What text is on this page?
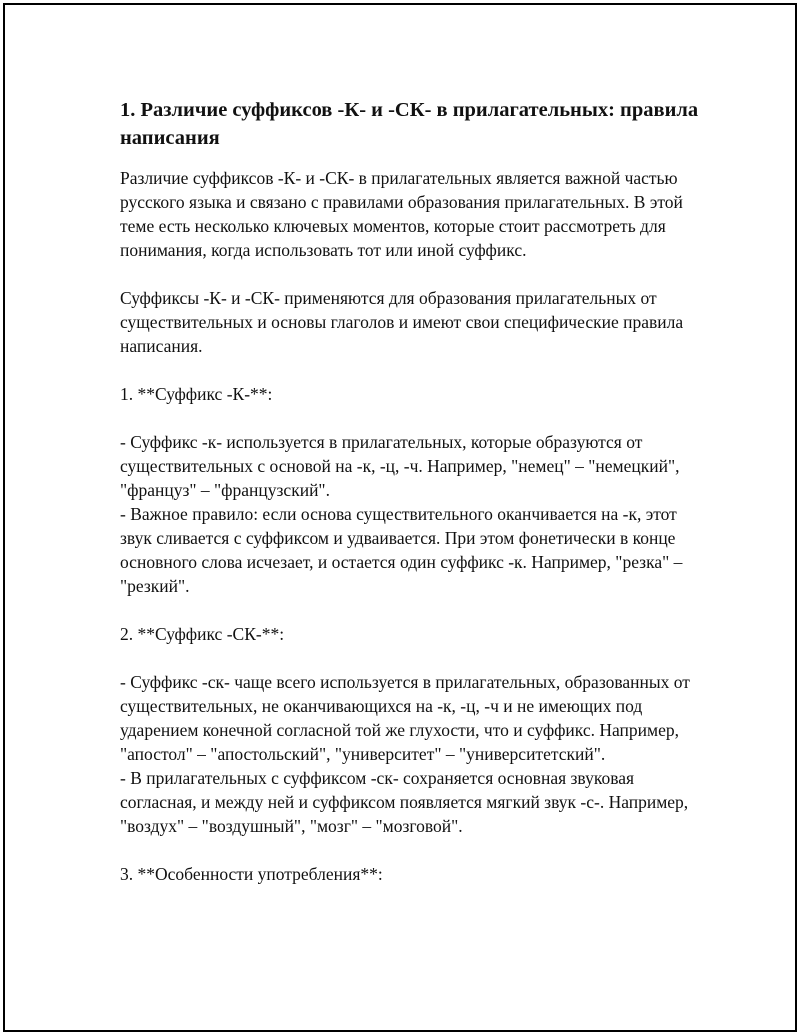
1. Различие суффиксов -К- и -СК- в прилагательных: правила написания

Различие суффиксов -К- и -СК- в прилагательных является важной частью русского языка и связано с правилами образования прилагательных. В этой теме есть несколько ключевых моментов, которые стоит рассмотреть для понимания, когда использовать тот или иной суффикс.

Суффиксы -К- и -СК- применяются для образования прилагательных от существительных и основы глаголов и имеют свои специфические правила написания.

1. **Суффикс -К-**:

- Суффикс -к- используется в прилагательных, которые образуются от существительных с основой на -к, -ц, -ч. Например, "немец" – "немецкий", "француз" – "французский".

- Важное правило: если основа существительного оканчивается на -к, этот звук сливается с суффиксом и удваивается. При этом фонетически в конце основного слова исчезает, и остается один суффикс -к. Например, "резка" – "резкий".

2. **Суффикс -СК-**:

- Суффикс -ск- чаще всего используется в прилагательных, образованных от существительных, не оканчивающихся на -к, -ц, -ч и не имеющих под ударением конечной согласной той же глухости, что и суффикс. Например, "апостол" – "апостольский", "университет" – "университетский".

- В прилагательных с суффиксом -ск- сохраняется основная звуковая согласная, и между ней и суффиксом появляется мягкий звук -с-. Например, "воздух" – "воздушный", "мозг" – "мозговой".

3. **Особенности употребления**:
